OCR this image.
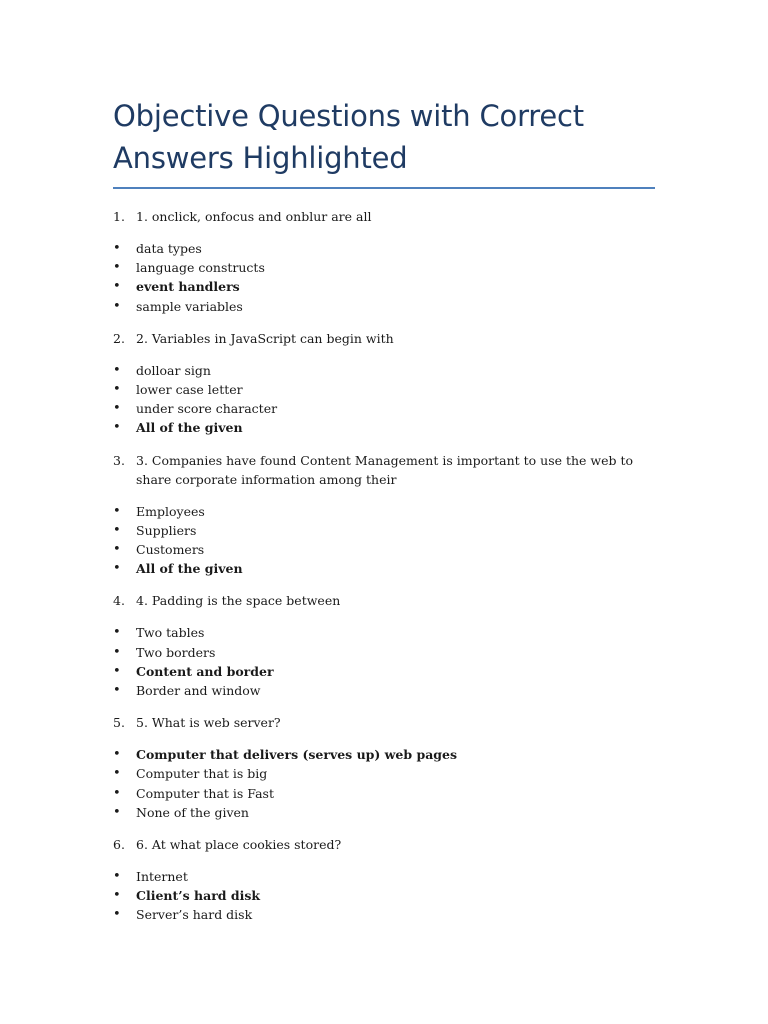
Objective Questions with Correct Answers Highlighted
1. 1. onclick, onfocus and onblur are all
•	data types
•	language constructs
•	event handlers
•	sample variables
2. 2. Variables in JavaScript can begin with
•	dolloar sign
•	lower case letter
•	under score character
•	All of the given
3. 3. Companies have found Content Management is important to use the web to share corporate information among their
•	Employees
•	Suppliers
•	Customers
•	All of the given
4. 4. Padding is the space between
•	Two tables
•	Two borders
•	Content and border
•	Border and window
5. 5. What is web server?
•	Computer that delivers (serves up) web pages
•	Computer that is big
•	Computer that is Fast
•	None of the given
6. 6. At what place cookies stored?
•	Internet
•	Client’s hard disk
•	Server’s hard disk
